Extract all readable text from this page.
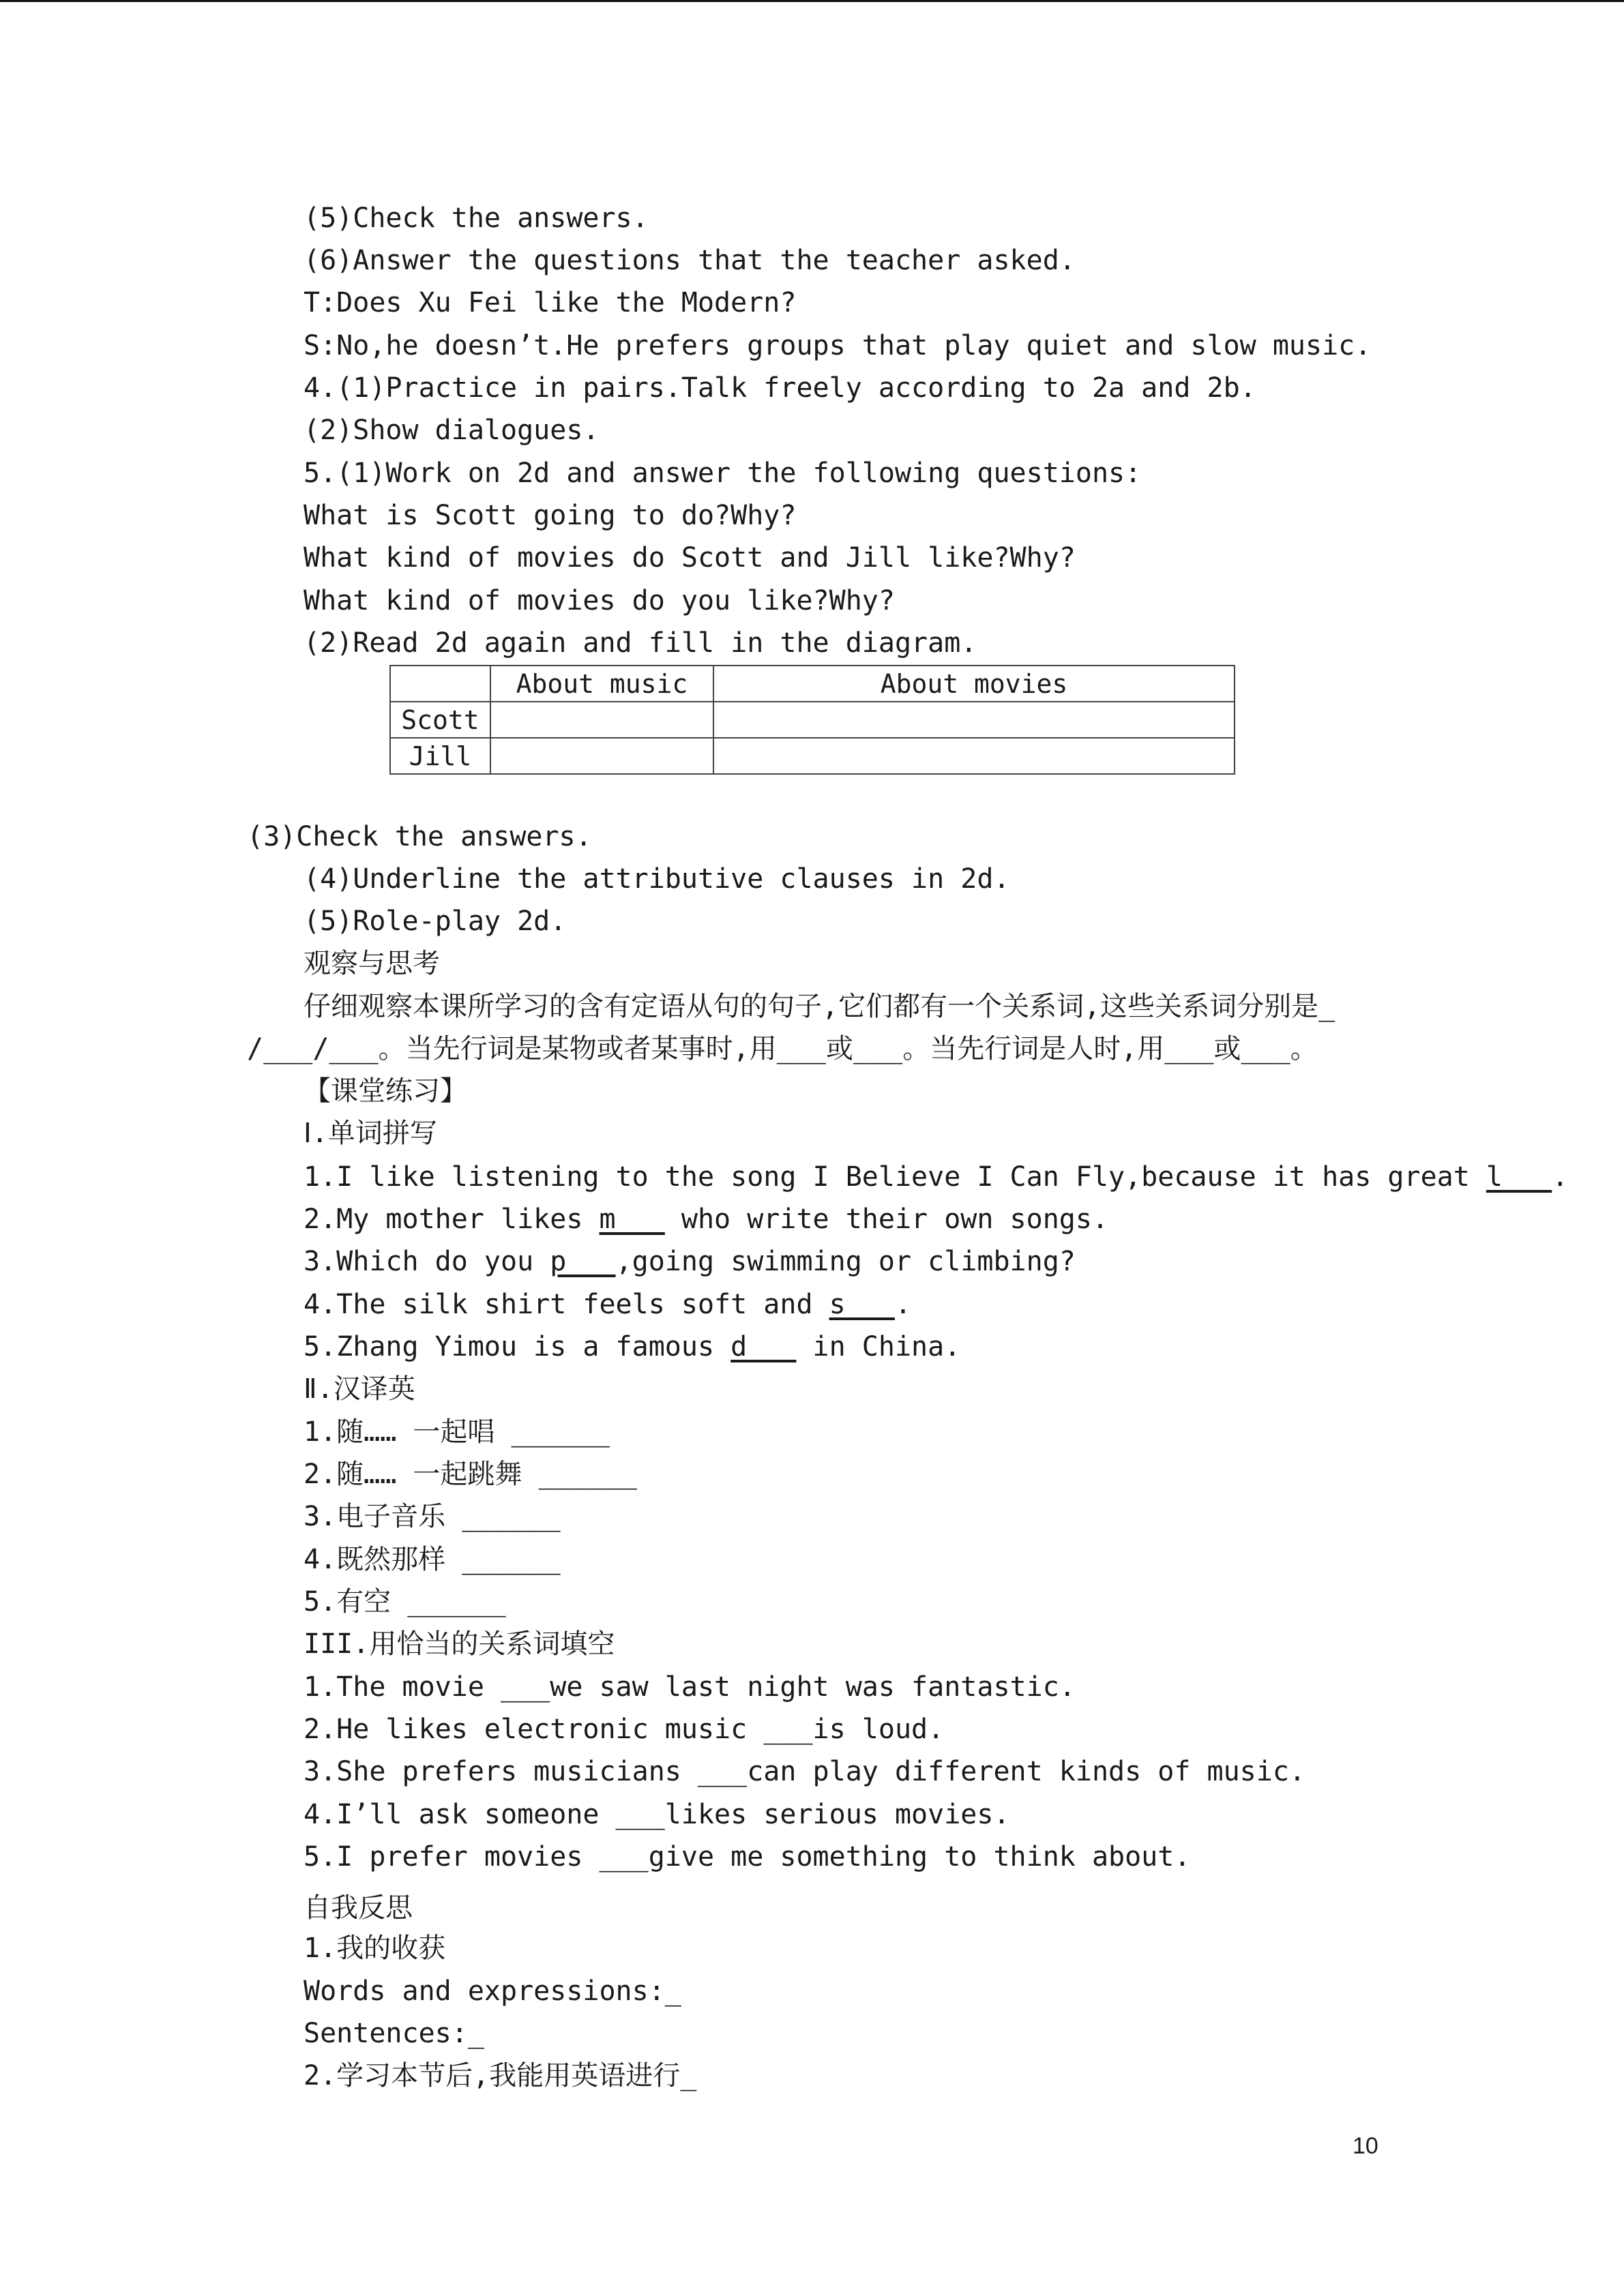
(5)Check the answers.
(6)Answer the questions that the teacher asked.
T:Does Xu Fei like the Modern?
S:No,he doesn’t.He prefers groups that play quiet and slow music.
4.(1)Practice in pairs.Talk freely according to 2a and 2b.
(2)Show dialogues.
5.(1)Work on 2d and answer the following questions:
What is Scott going to do?Why?
What kind of movies do Scott and Jill like?Why?
What kind of movies do you like?Why?
(2)Read 2d again and fill in the diagram.
	About music	About movies
Scott		
Jill		
(3)Check the answers.
(4)Underline the attributive clauses in 2d.
(5)Role-play 2d.
观察与思考
仔细观察本课所学习的含有定语从句的句子,它们都有一个关系词,这些关系词分别是_
/___/___。当先行词是某物或者某事时,用___或___。当先行词是人时,用___或___。
【课堂练习】
Ⅰ.单词拼写
1.I like listening to the song I Believe I Can Fly,because it has great l___.
2.My mother likes m___ who write their own songs.
3.Which do you p___,going swimming or climbing?
4.The silk shirt feels soft and s___.
5.Zhang Yimou is a famous d___ in China.
Ⅱ.汉译英
1.随…… 一起唱 ______
2.随…… 一起跳舞 ______
3.电子音乐 ______
4.既然那样 ______
5.有空 ______
III.用恰当的关系词填空
1.The movie ___we saw last night was fantastic.
2.He likes electronic music ___is loud.
3.She prefers musicians ___can play different kinds of music.
4.I’ll ask someone ___likes serious movies.
5.I prefer movies ___give me something to think about.
自我反思
1.我的收获
Words and expressions:_
Sentences:_
2.学习本节后,我能用英语进行_
10
